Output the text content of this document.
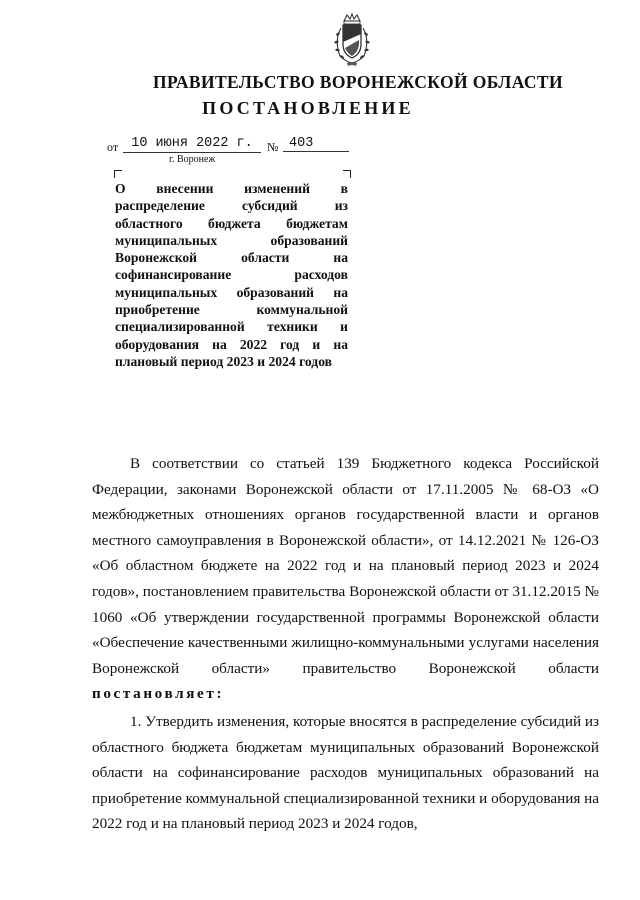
ПРАВИТЕЛЬСТВО ВОРОНЕЖСКОЙ ОБЛАСТИ
ПОСТАНОВЛЕНИЕ
от 10 июня 2022 г.	№ 403
г. Воронеж
О внесении изменений в распределение субсидий из областного бюджета бюджетам муниципальных образований Воронежской области на софинансирование расходов муниципальных образований на приобретение коммунальной специализированной техники и оборудования на 2022 год и на плановый период 2023 и 2024 годов

В соответствии со статьей 139 Бюджетного кодекса Российской Федерации, законами Воронежской области от 17.11.2005 № 68-ОЗ «О межбюджетных отношениях органов государственной власти и органов местного самоуправления в Воронежской области», от 14.12.2021 № 126-ОЗ «Об областном бюджете на 2022 год и на плановый период 2023 и 2024 годов», постановлением правительства Воронежской области от 31.12.2015 № 1060 «Об утверждении государственной программы Воронежской области «Обеспечение качественными жилищно-коммунальными услугами населения Воронежской области» правительство Воронежской области постановляет:

1. Утвердить изменения, которые вносятся в распределение субсидий из областного бюджета бюджетам муниципальных образований Воронежской области на софинансирование расходов муниципальных образований на приобретение коммунальной специализированной техники и оборудования на 2022 год и на плановый период 2023 и 2024 годов,
